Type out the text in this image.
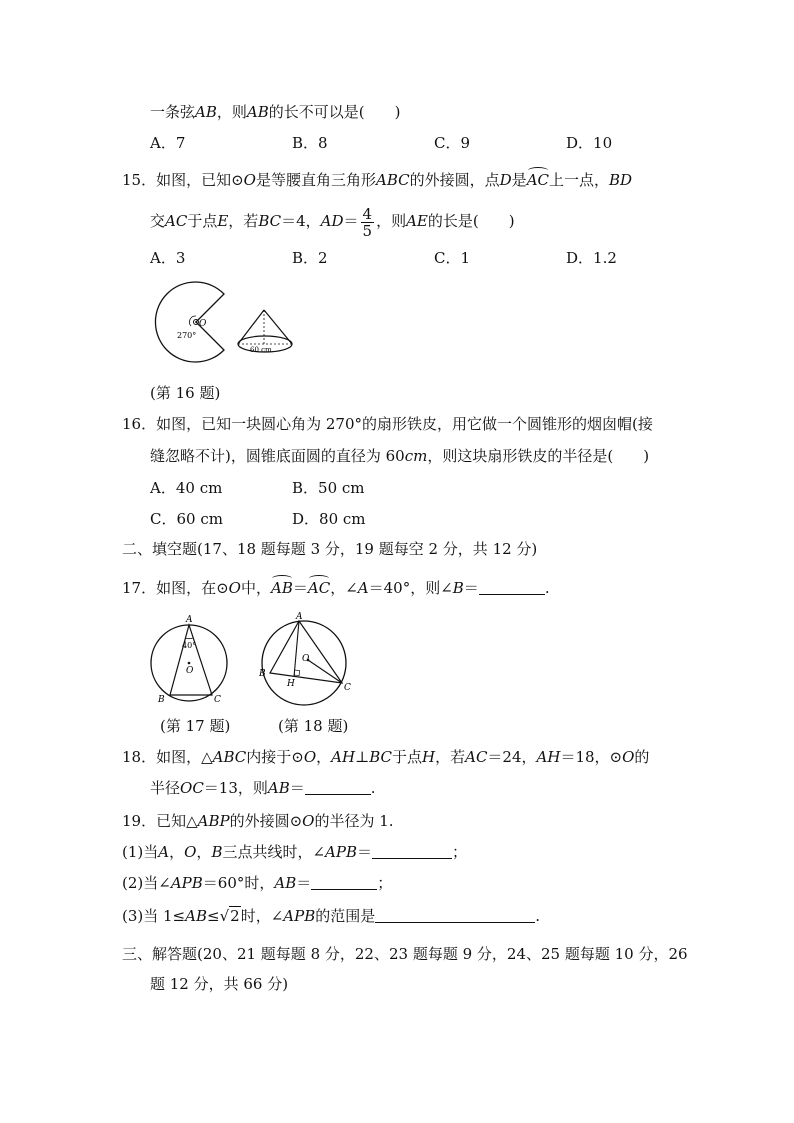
一条弦AB，则AB的长不可以是(　　)
A．7	B．8	C．9	D．10
15．如图，已知⊙O是等腰直角三角形ABC的外接圆，点D是AC上一点，BD
交AC于点E，若BC＝4，$AD= \frac{4}{5}$ ，则AE的长是(　　)
A．3	B．2	C．1	D．1.2
270°
O
60 cm
(第 16 题)
16．如图，已知一块圆心角为 270°的扇形铁皮，用它做一个圆锥形的烟囱帽(接
缝忽略不计)，圆锥底面圆的直径为 60cm，则这块扇形铁皮的半径是(　　)
A．40 cm	B．50 cm
C．60 cm	D．80 cm
二、填空题(17、18 题每题 3 分，19 题每空 2 分，共 12 分)
17．如图，在⊙O中，AB＝AC，∠A＝40°，则∠B＝	.
A
40°
O
B	C
(第 17 题)
A
O
B
H	C
(第 18 题)
18．如图，△ABC内接于⊙O，AH⊥BC于点H，若AC＝24，AH＝18，⊙O的
半径OC＝13，则AB＝	.
19．已知△ABP的外接圆⊙O的半径为 1.
(1)当A，O，B三点共线时，∠APB＝	；
(2)当∠APB＝60°时，AB＝	；
(3)当 1≤AB≤√2时，∠APB的范围是	.
三、解答题(20、21 题每题 8 分，22、23 题每题 9 分，24、25 题每题 10 分，26
题 12 分，共 66 分)
